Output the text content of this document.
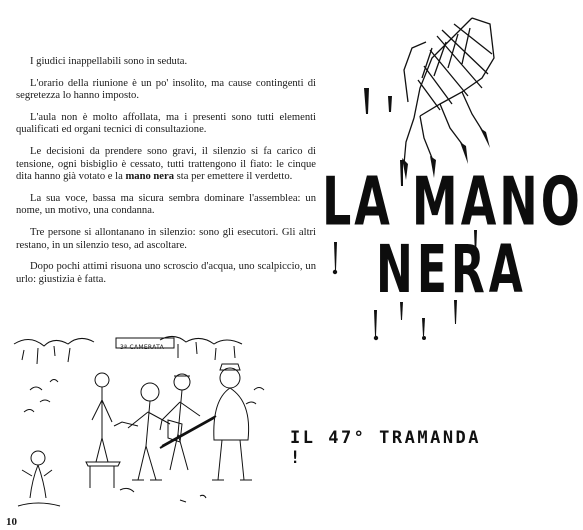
I giudici inappellabili sono in seduta.

L'orario della riunione è un po' insolito, ma cause contingenti di segretezza lo hanno imposto.

L'aula non è molto affollata, ma i presenti sono tutti elementi qualificati ed organi tecnici di consultazione.

Le decisioni da prendere sono gravi, il silenzio si fa carico di tensione, ogni bisbiglio è cessato, tutti trattengono il fiato: le cinque dita hanno già votato e la mano nera sta per emettere il verdetto.

La sua voce, bassa ma sicura sembra dominare l'assemblea: un nome, un motivo, una condanna.

Tre persone si allontanano in silenzio: sono gli esecutori. Gli altri restano, in un silenzio teso, ad ascoltare.

Dopo pochi attimi risuona uno scroscio d'acqua, uno scalpiccio, un urlo: giustizia è fatta.

LA MANO
NERA
3ª CAMERATA
IL 47° TRAMANDA !
10
